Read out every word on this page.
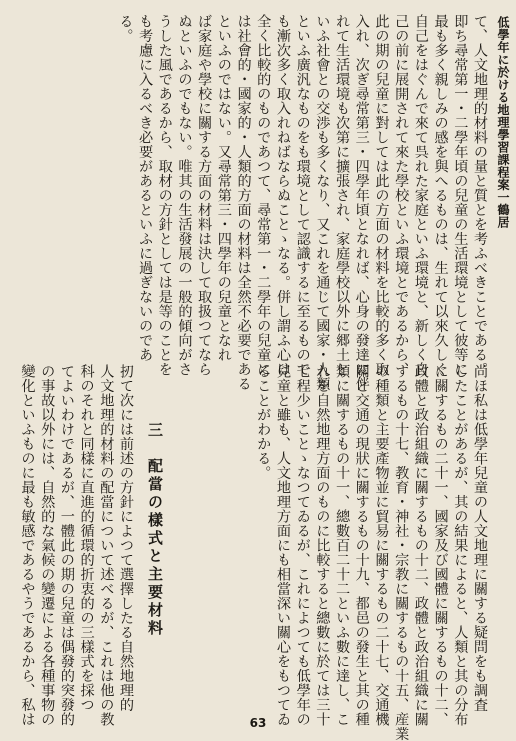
低學年に於ける地理學習課程案一鶴居
て、人文地理的材料の量と質とを考ふべきことである。
即ち尋常第一・二學年頃の兒童の生活環境として彼等に
最も多く親しみの感を與へるものは、生れて以來久しく
自己をはぐんで來て呉れた家庭といふ環境と、新しく自
己の前に展開されて來た學校といふ環境とであるから、
此の期の兒童に對しては此の方面の材料を比較的多く取
入れ、次ぎ尋常第三・四學年頃となれば、心身の發達に伴
れて生活環境も次第に擴張され、家庭學校以外に郷土と
いふ社會との交渉も多くなり、又これを通じて國家・人類
といふ廣汎なものをも環境として認識するに至るもので
も漸次多く取入れねばならぬことゝなる。併し謂ふ心は
全く比較的のものであつて、尋常第一・二學年の兒童に
は社會的・國家的・人類的方面の材料は全然不必要である
といふのではない。又尋常第三・四學年の兒童となれ
ば家庭や學校に關する方面の材料は決して取扱つてなら
ぬといふのでもない。唯其の生活發展の一般的傾向がさ
うした風であるから、取材の方針としては是等のことを
も考慮に入るべき必要があるといふに過ぎないのであ
る。
尚ほ私は低學年兒童の人文地理に關する疑問をも調査
したことがあるが、其の結果によると、人類と其の分布
に關するもの二十一、國家及び國體に關するもの十二、
政體と政治組織に關するもの十二、政體と政治組織に關
するもの十七、教育・神社・宗教に關するもの十五、産業
の種類と主要產物並に貿易に關するもの二十七、交通機
關と交通の現狀に關するもの十九、都邑の發生と其の種
類に關するもの十一、總數百二十二といふ數に達し、こ
れを自然地理方面のものに比較すると總數に於ては三十
七程少いことゝなつてゐるが、これによつても低學年の
兒童と雖も、人文地理方面にも相當深い關心をもつてゐ
ることがわかる。
三　配當の樣式と主要材料
扨て次には前述の方針によつて選擇したる自然地理的
人文地理的材料の配當について述べるが、これは他の教
科のそれと同樣に直進的循環的折衷的の三樣式を採つ
てよいわけであるが、一體此の期の兒童は偶發的突發的
の事故以外には、自然的な氣候の變遷による各種事物の
變化といふものに最も敏感であるやうであるから、私は	63
